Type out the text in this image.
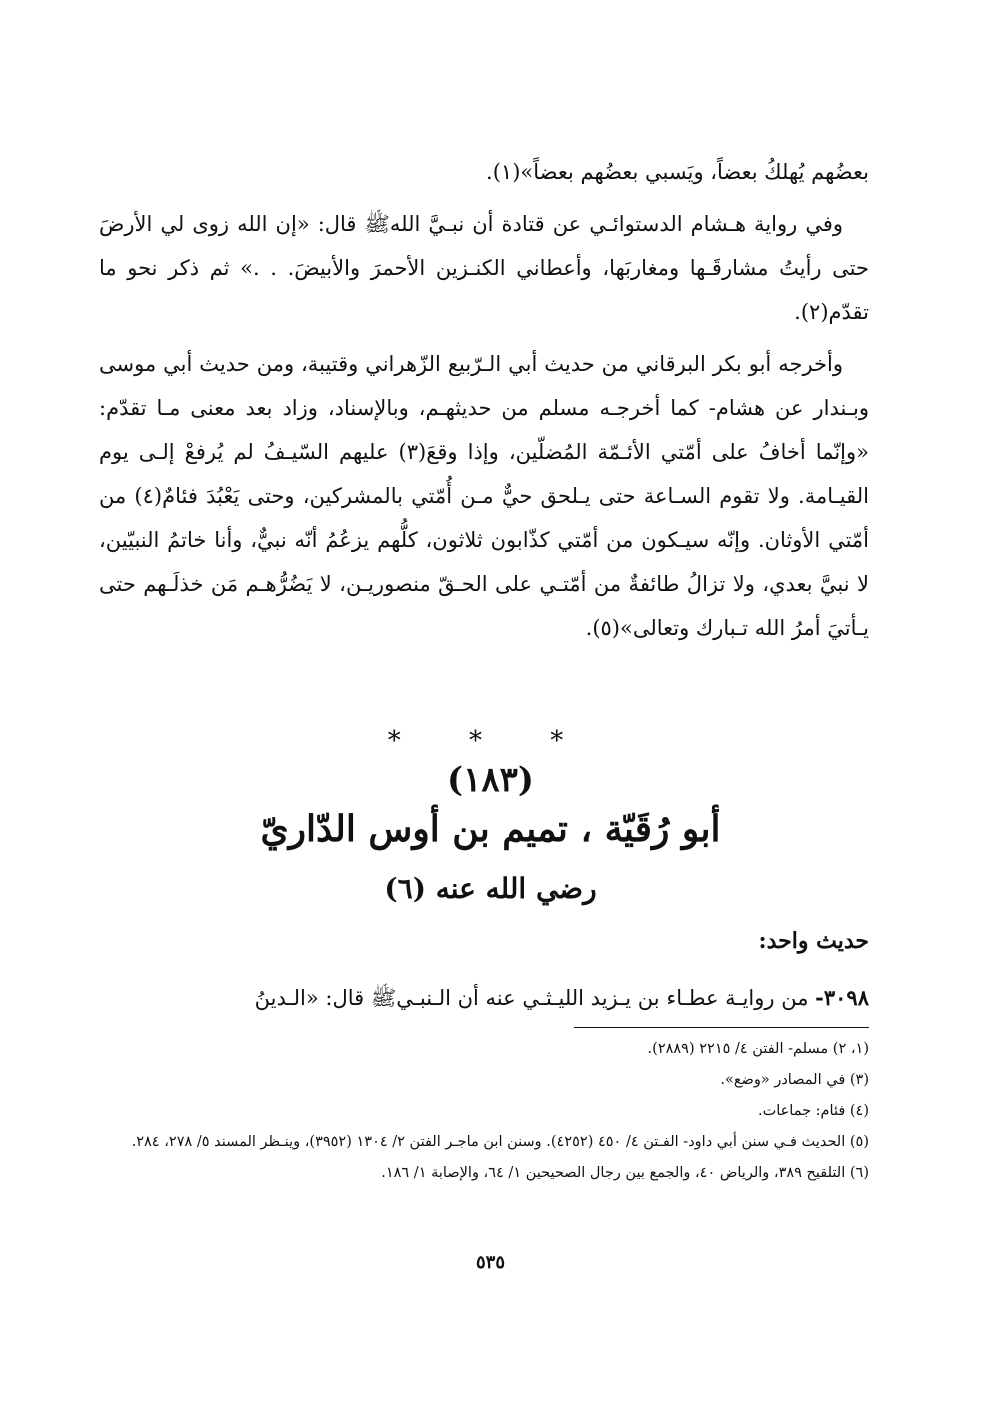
بعضُهم يُهلكُ بعضاً، ويَسبي بعضُهم بعضاً»(١).

وفي رواية هـشام الدستوائـي عن قتادة أن نبـيَّ اللهﷺ قال: «إن الله زوى لي الأرضَ حتى رأيتُ مشارقَـها ومغاربَها، وأعطاني الكنـزين الأحمرَ والأبيضَ. . .» ثم ذكر نحو ما تقدّم(٢).

وأخرجه أبو بكر البرقاني من حديث أبي الـرّبيع الزّهراني وقتيبة، ومن حديث أبي موسى وبـندار عن هشام- كما أخرجـه مسلم من حديثهـم، وبالإسناد، وزاد بعد معنى مـا تقدّم: «وإنّما أخافُ على أمّتي الأئـمّة المُضلّين، وإذا وقعَ(٣) عليهم السّيـفُ لم يُرفعْ إلـى يوم القيـامة. ولا تقوم السـاعة حتى يـلحق حيٌّ مـن أُمّتي بالمشركين، وحتى يَعْبُدَ فئامٌ(٤) من أمّتي الأوثان. وإنّه سيـكون من أمّتي كذّابون ثلاثون، كلُّهم يزعُمُ أنّه نبيٌّ، وأنا خاتمُ النبيّين، لا نبيَّ بعدي، ولا تزالُ طائفةٌ من أمّتـي على الحـقّ منصوريـن، لا يَضُرُّهـم مَن خذلَـهم حتى يـأتيَ أمرُ الله تـبارك وتعالى»(٥).

* * *
(١٨٣)
أبو رُقَيّة ، تميم بن أوس الدّاريّ
رضي الله عنه (٦)
حديث واحد:
٣٠٩٨- من روايـة عطـاء بن يـزيد الليـثـي عنه أن الـنبـيﷺ قال: «الـدينُ

(١، ٢) مسلم- الفتن ٤/ ٢٢١٥ (٢٨٨٩).

(٣) في المصادر «وضع».

(٤) فئام: جماعات.

(٥) الحديث فـي سنن أبي داود- الفـتن ٤/ ٤٥٠ (٤٢٥٢). وسنن ابن ماجـر الفتن ٢/ ١٣٠٤ (٣٩٥٢)، وينـظر المسند ٥/ ٢٧٨، ٢٨٤.

(٦) التلقيح ٣٨٩، والرياض ٤٠، والجمع بين رجال الصحيحين ١/ ٦٤، والإصابة ١/ ١٨٦.

٥٣٥
